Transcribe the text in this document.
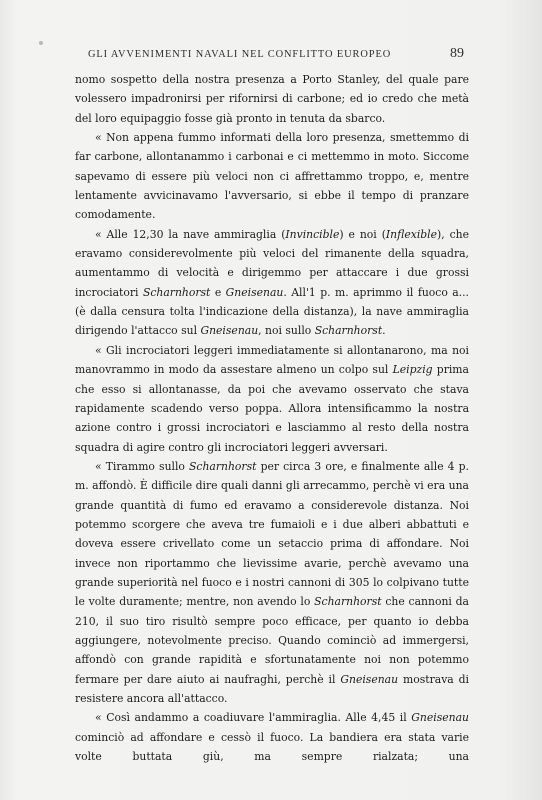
GLI AVVENIMENTI NAVALI NEL CONFLITTO EUROPEO	89

nomo sospetto della nostra presenza a Porto Stanley, del quale pare volessero impadronirsi per rifornirsi di carbone; ed io credo che metà del loro equipaggio fosse già pronto in tenuta da sbarco.

« Non appena fummo informati della loro presenza, smettemmo di far carbone, allontanammo i carbonai e ci mettemmo in moto. Siccome sapevamo di essere più veloci non ci affrettammo troppo, e, mentre lentamente avvicinavamo l'avversario, si ebbe il tempo di pranzare comodamente.

« Alle 12,30 la nave ammiraglia (Invincible) e noi (Inflexible), che eravamo considerevolmente più veloci del rimanente della squadra, aumentammo di velocità e dirigemmo per attaccare i due grossi incrociatori Scharnhorst e Gneisenau. All'1 p. m. aprimmo il fuoco a... (è dalla censura tolta l'indicazione della distanza), la nave ammiraglia dirigendo l'attacco sul Gneisenau, noi sullo Scharnhorst.

« Gli incrociatori leggeri immediatamente si allontanarono, ma noi manovrammo in modo da assestare almeno un colpo sul Leipzig prima che esso si allontanasse, da poi che avevamo osservato che stava rapidamente scadendo verso poppa. Allora intensificammo la nostra azione contro i grossi incrociatori e lasciammo al resto della nostra squadra di agire contro gli incrociatori leggeri avversari.

« Tirammo sullo Scharnhorst per circa 3 ore, e finalmente alle 4 p. m. affondò. È difficile dire quali danni gli arrecammo, perchè vi era una grande quantità di fumo ed eravamo a considerevole distanza. Noi potemmo scorgere che aveva tre fumaioli e i due alberi abbattuti e doveva essere crivellato come un setaccio prima di affondare. Noi invece non riportammo che lievissime avarie, perchè avevamo una grande superiorità nel fuoco e i nostri cannoni di 305 lo colpivano tutte le volte duramente; mentre, non avendo lo Scharnhorst che cannoni da 210, il suo tiro risultò sempre poco efficace, per quanto io debba aggiungere, notevolmente preciso. Quando cominciò ad immergersi, affondò con grande rapidità e sfortunatamente noi non potemmo fermare per dare aiuto ai naufraghi, perchè il Gneisenau mostrava di resistere ancora all'attacco.

« Così andammo a coadiuvare l'ammiraglia. Alle 4,45 il Gneisenau cominciò ad affondare e cessò il fuoco. La bandiera era stata varie volte buttata giù, ma sempre rialzata; una
